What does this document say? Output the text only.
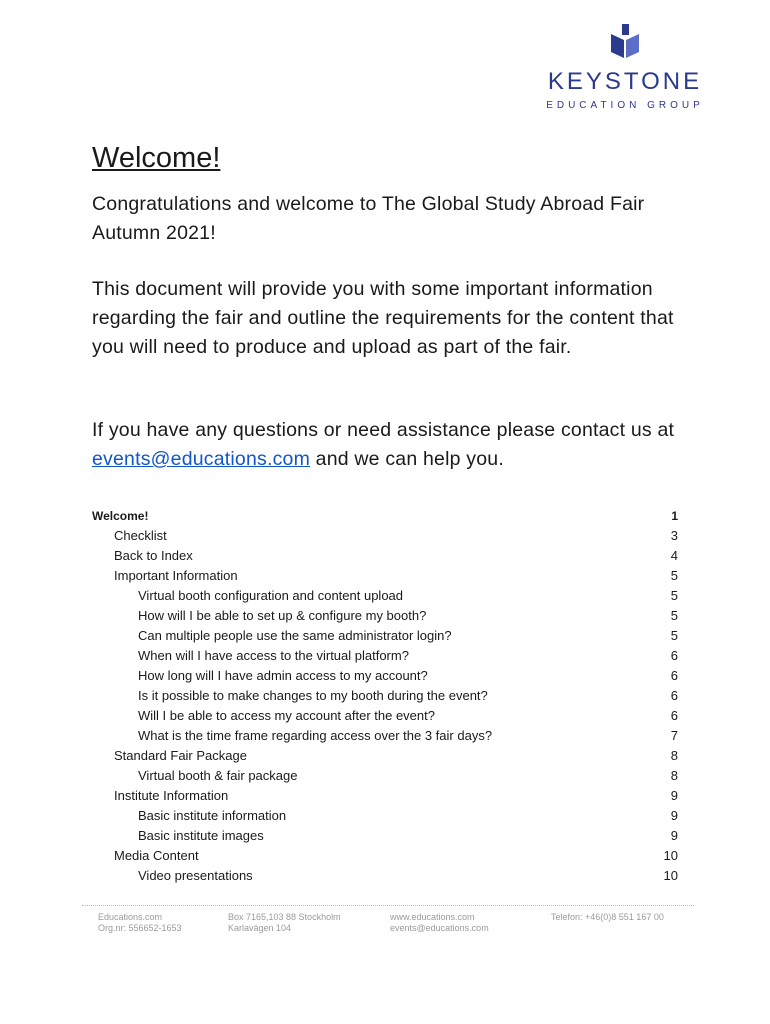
KEYSTONE
EDUCATION GROUP
Welcome!

Congratulations and welcome to The Global Study Abroad Fair Autumn 2021!

This document will provide you with some important information regarding the fair and outline the requirements for the content that you will need to produce and upload as part of the fair.

If you have any questions or need assistance please contact us at events@educations.com and we can help you.

Welcome!	1
Checklist	3
Back to Index	4
Important Information	5
Virtual booth configuration and content upload	5
How will I be able to set up & configure my booth?	5
Can multiple people use the same administrator login?	5
When will I have access to the virtual platform?	6
How long will I have admin access to my account?	6
Is it possible to make changes to my booth during the event?	6
Will I be able to access my account after the event?	6
What is the time frame regarding access over the 3 fair days?	7
Standard Fair Package	8
Virtual booth & fair package	8
Institute Information	9
Basic institute information	9
Basic institute images	9
Media Content	10
Video presentations	10
Educations.com
Org.nr: 556652-1653
Box 7165,103 88 Stockholm
Karlavägen 104
www.educations.com
events@educations.com
Telefon: +46(0)8 551 167 00
